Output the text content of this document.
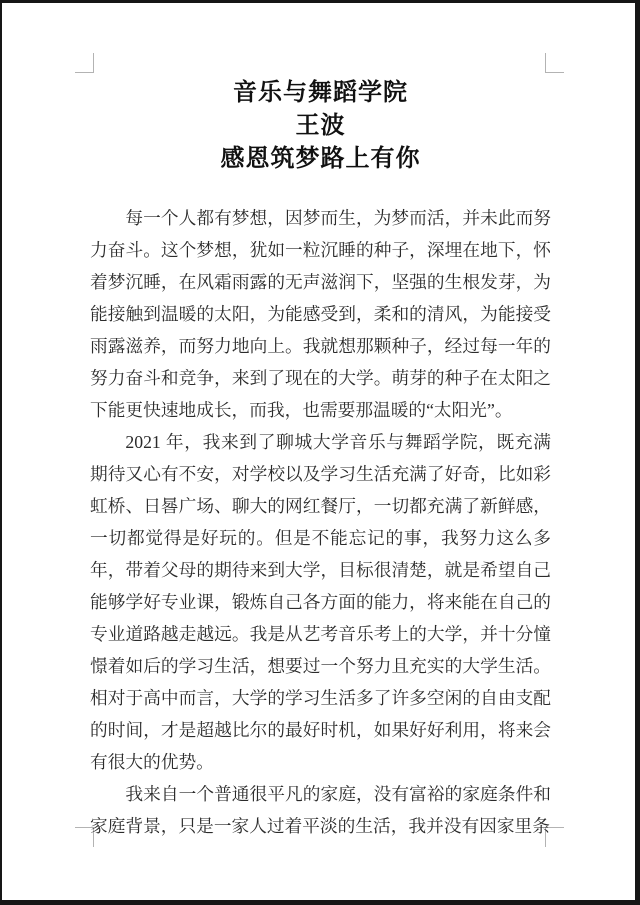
音乐与舞蹈学院
王波
感恩筑梦路上有你

每一个人都有梦想，因梦而生，为梦而活，并未此而努力奋斗。这个梦想，犹如一粒沉睡的种子，深埋在地下，怀着梦沉睡，在风霜雨露的无声滋润下，坚强的生根发芽，为能接触到温暖的太阳，为能感受到，柔和的清风，为能接受雨露滋养，而努力地向上。我就想那颗种子，经过每一年的努力奋斗和竞争，来到了现在的大学。萌芽的种子在太阳之下能更快速地成长，而我，也需要那温暖的“太阳光”。

2021 年，我来到了聊城大学音乐与舞蹈学院，既充满期待又心有不安，对学校以及学习生活充满了好奇，比如彩虹桥、日晷广场、聊大的网红餐厅，一切都充满了新鲜感，一切都觉得是好玩的。但是不能忘记的事，我努力这么多年，带着父母的期待来到大学，目标很清楚，就是希望自己能够学好专业课，锻炼自己各方面的能力，将来能在自己的专业道路越走越远。我是从艺考音乐考上的大学，并十分憧憬着如后的学习生活，想要过一个努力且充实的大学生活。相对于高中而言，大学的学习生活多了许多空闲的自由支配的时间，才是超越比尔的最好时机，如果好好利用，将来会有很大的优势。

我来自一个普通很平凡的家庭，没有富裕的家庭条件和家庭背景，只是一家人过着平淡的生活，我并没有因家里条
